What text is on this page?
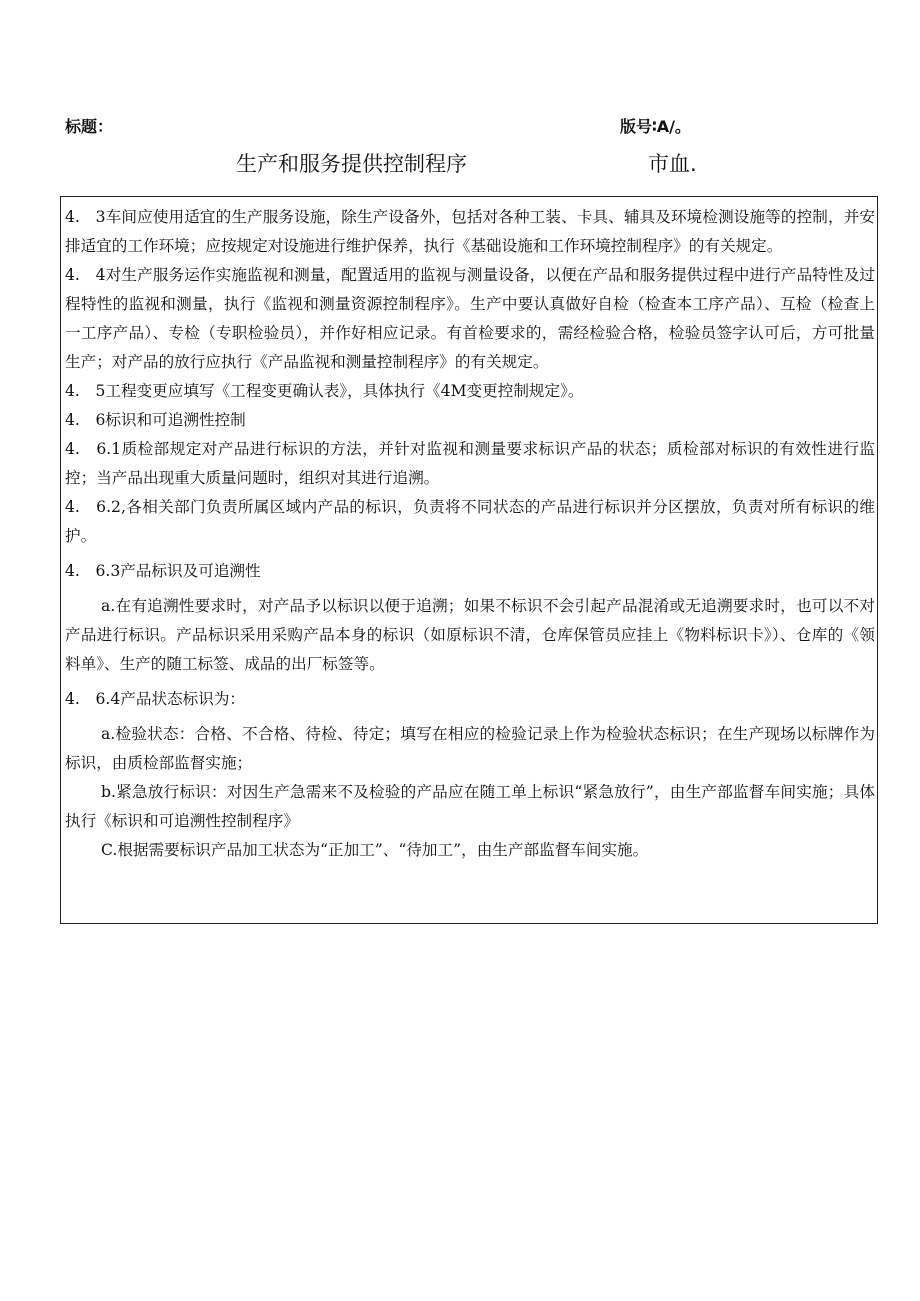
标题：	版号∶A/。
生产和服务提供控制程序	市血.

4.　3车间应使用适宜的生产服务设施，除生产设备外，包括对各种工装、卡具、辅具及环境检测设施等的控制，并安排适宜的工作环境；应按规定对设施进行维护保养，执行《基础设施和工作环境控制程序》的有关规定。

4.　4对生产服务运作实施监视和测量，配置适用的监视与测量设备，以便在产品和服务提供过程中进行产品特性及过程特性的监视和测量，执行《监视和测量资源控制程序》。生产中要认真做好自检（检查本工序产品）、互检（检查上一工序产品）、专检（专职检验员），并作好相应记录。有首检要求的，需经检验合格，检验员签字认可后，方可批量生产；对产品的放行应执行《产品监视和测量控制程序》的有关规定。

4.　5工程变更应填写《工程变更确认表》，具体执行《4M变更控制规定》。

4.　6标识和可追溯性控制

4.　6.1质检部规定对产品进行标识的方法，并针对监视和测量要求标识产品的状态；质检部对标识的有效性进行监控；当产品出现重大质量问题时，组织对其进行追溯。

4.　6.2,各相关部门负责所属区域内产品的标识，负责将不同状态的产品进行标识并分区摆放，负责对所有标识的维护。

4.　6.3产品标识及可追溯性

a.在有追溯性要求时，对产品予以标识以便于追溯；如果不标识不会引起产品混淆或无追溯要求时，也可以不对产品进行标识。产品标识采用采购产品本身的标识（如原标识不清，仓库保管员应挂上《物料标识卡》）、仓库的《领料单》、生产的随工标签、成品的出厂标签等。

4.　6.4产品状态标识为：

a.检验状态：合格、不合格、待检、待定；填写在相应的检验记录上作为检验状态标识；在生产现场以标牌作为标识，由质检部监督实施；

b.紧急放行标识：对因生产急需来不及检验的产品应在随工单上标识“紧急放行”，由生产部监督车间实施；具体执行《标识和可追溯性控制程序》

C.根据需要标识产品加工状态为“正加工”、“待加工”，由生产部监督车间实施。
